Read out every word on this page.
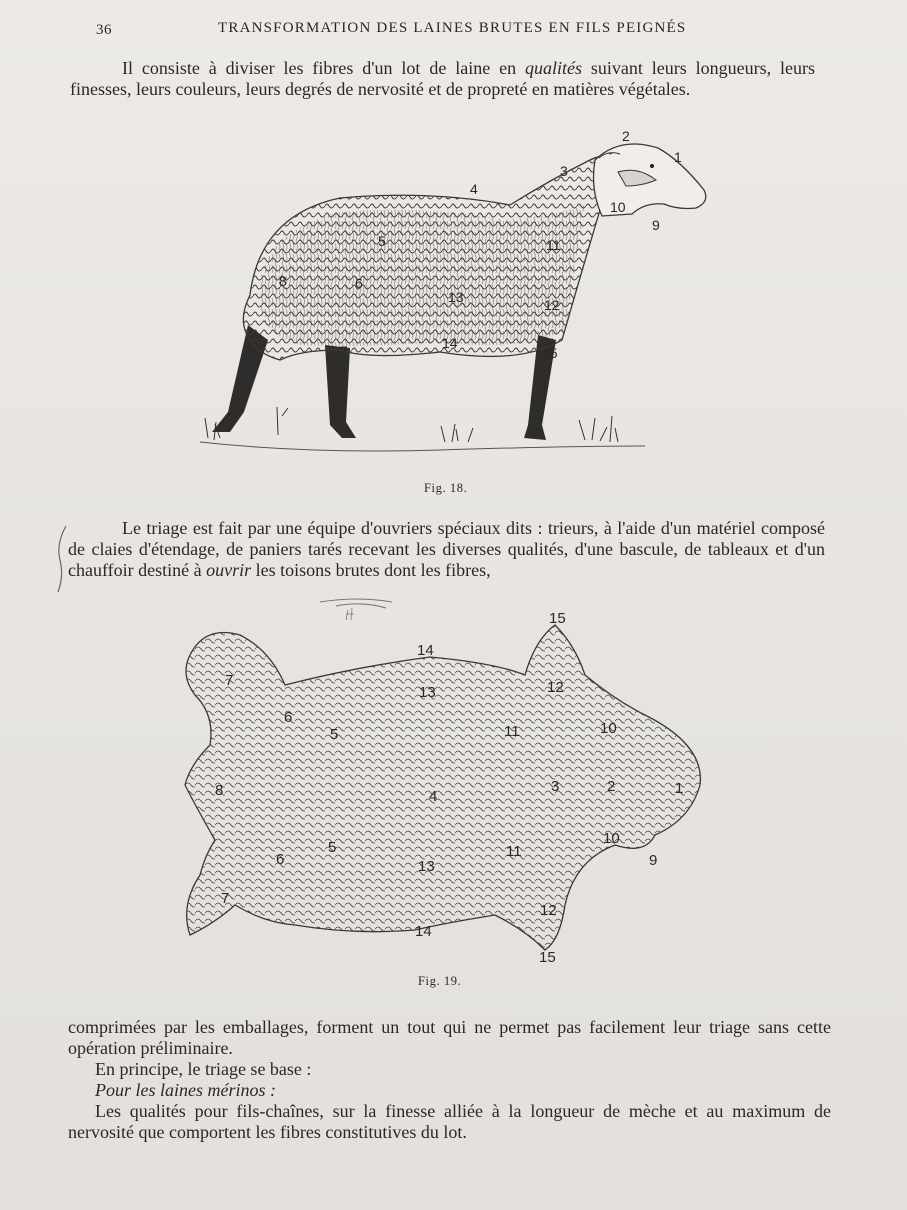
36	TRANSFORMATION DES LAINES BRUTES EN FILS PEIGNÉS

Il consiste à diviser les fibres d'un lot de laine en qualités suivant leurs longueurs, leurs finesses, leurs couleurs, leurs degrés de nervosité et de propreté en matières végétales.

1
2
3
4
5
6
7
8
9
10
11
12
13
14
15
Fig. 18.

Le triage est fait par une équipe d'ouvriers spéciaux dits : trieurs, à l'aide d'un matériel composé de claies d'étendage, de paniers tarés recevant les diverses qualités, d'une bascule, de tableaux et d'un chauffoir destiné à ouvrir les toisons brutes dont les fibres,

1
2
3
4
5
5
6
6
7
7
8
9
10
10
11
11
12
12
13
13
14
14
15
15
Fig. 19.

comprimées par les emballages, forment un tout qui ne permet pas facilement leur triage sans cette opération préliminaire.

En principe, le triage se base :

Pour les laines mérinos :

Les qualités pour fils-chaînes, sur la finesse alliée à la longueur de mèche et au maximum de nervosité que comportent les fibres constitutives du lot.
